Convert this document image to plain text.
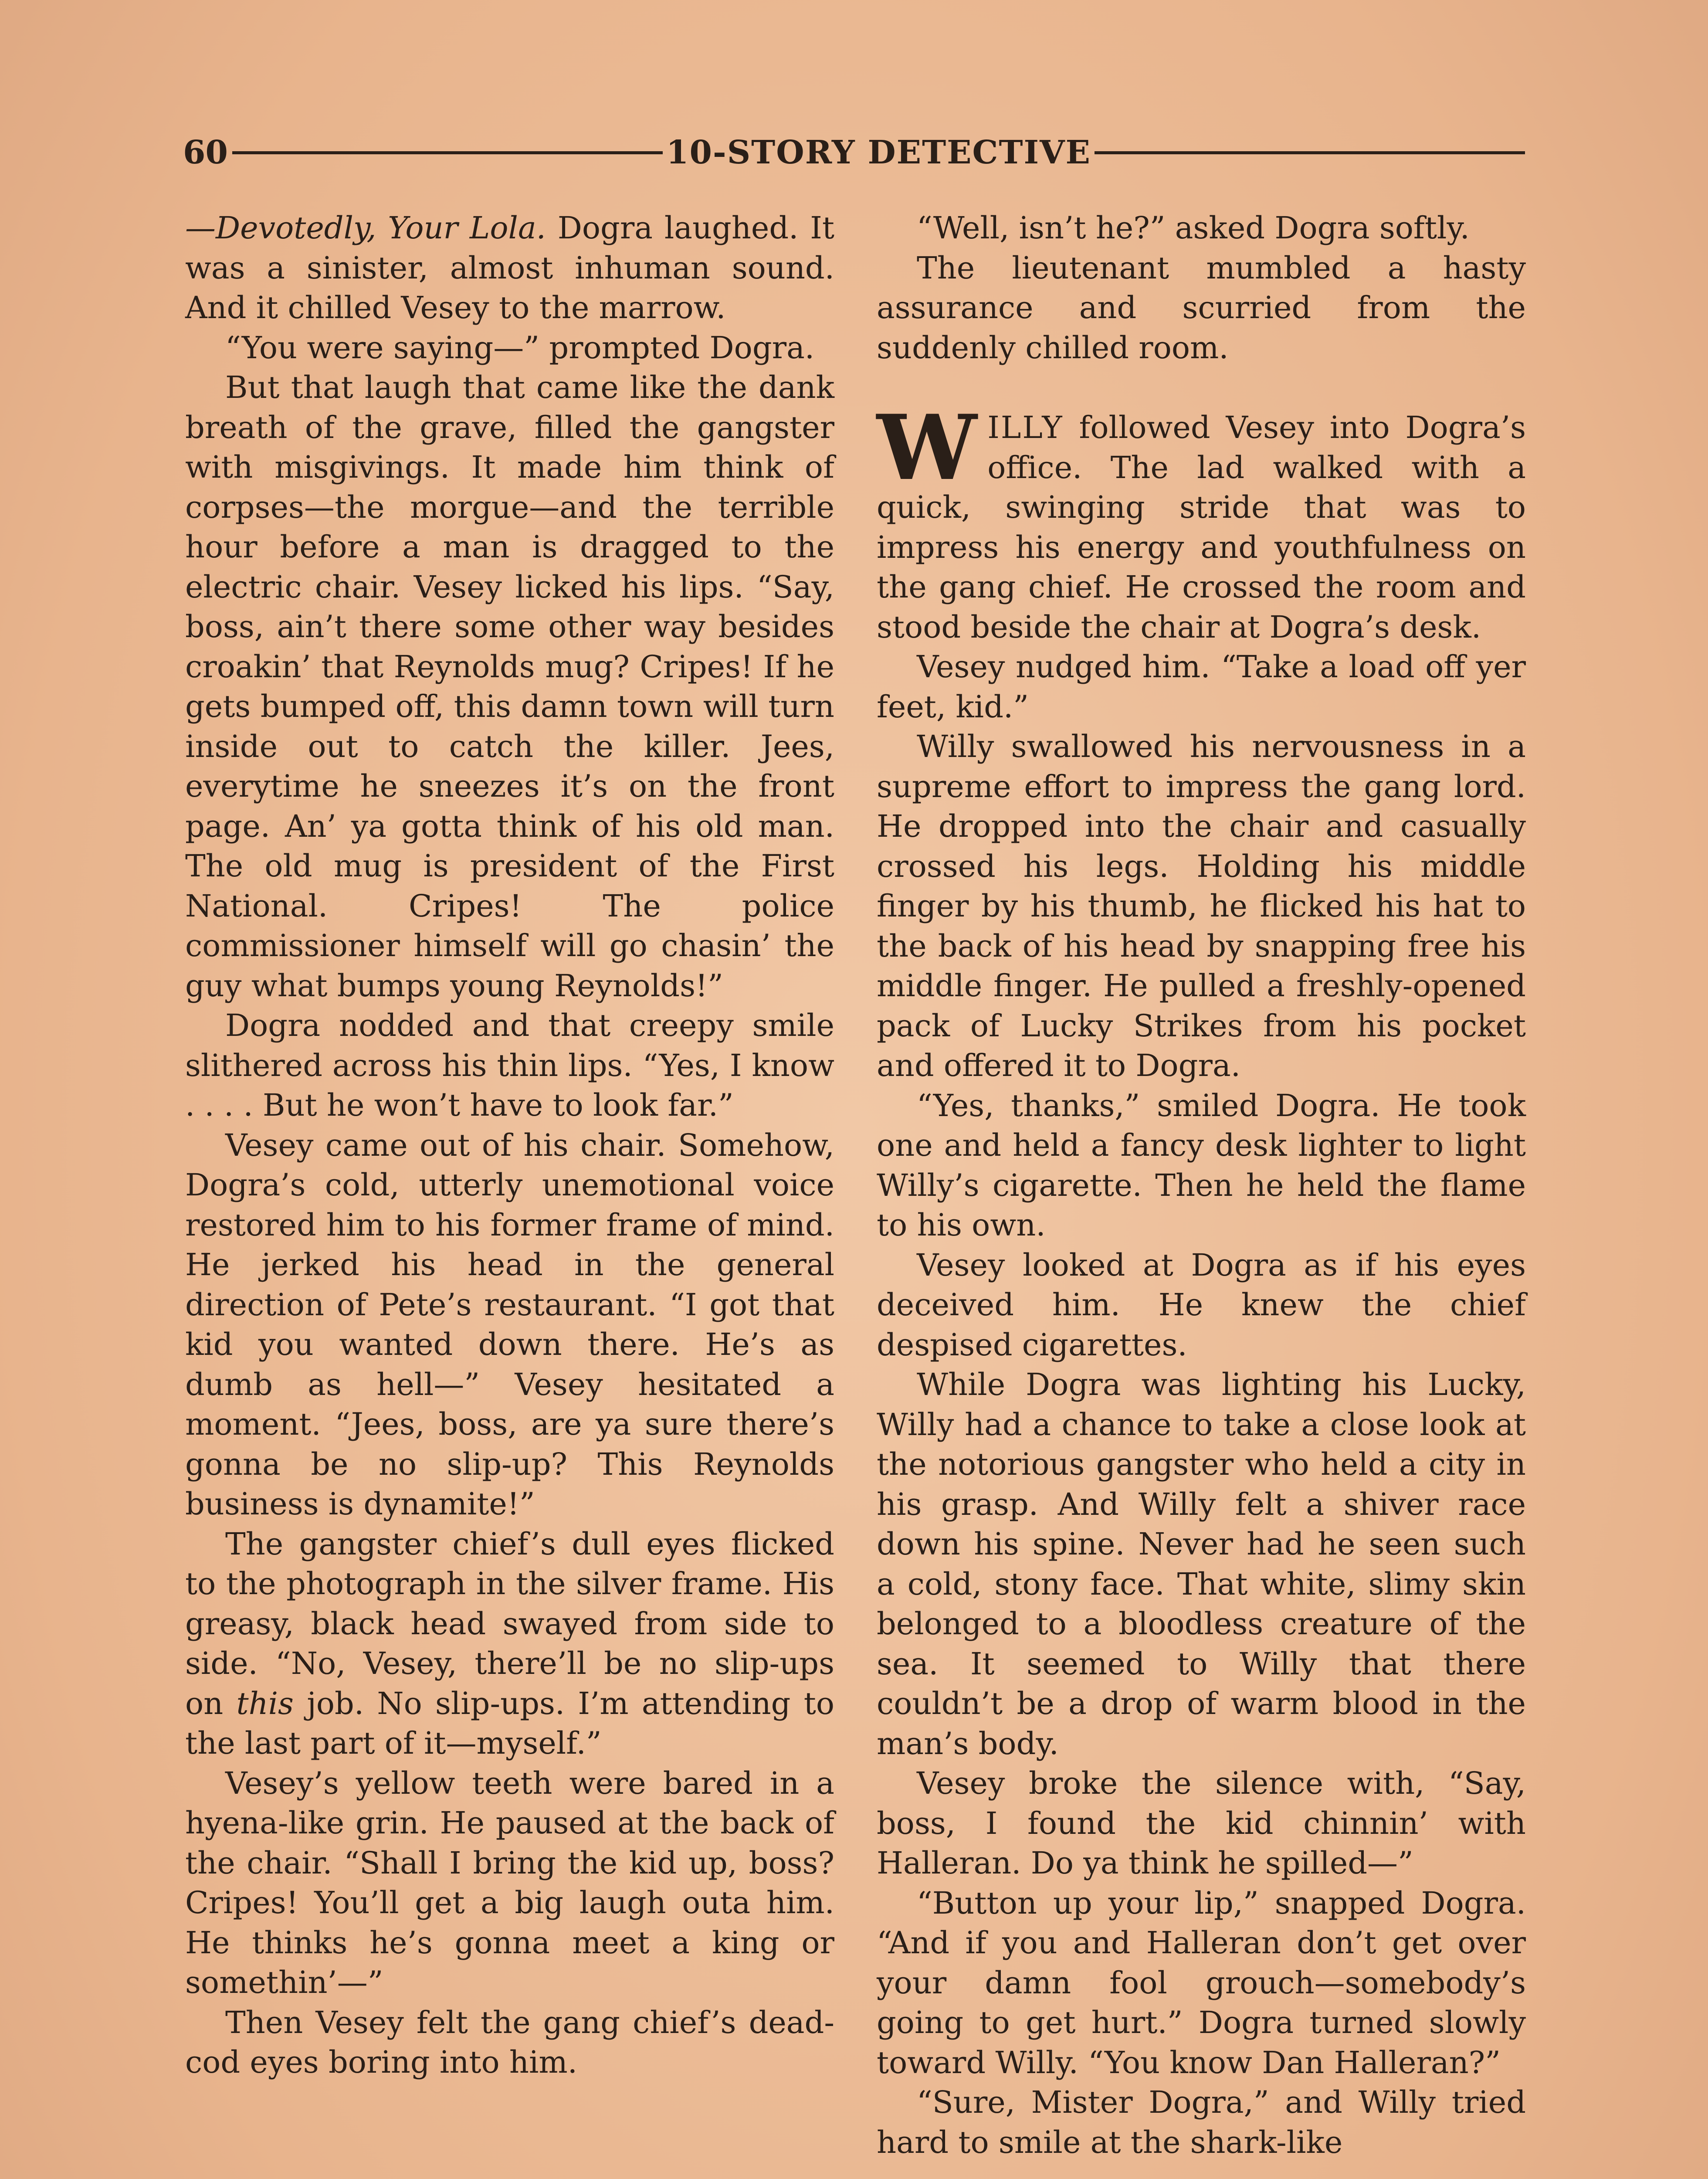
60	10-STORY DETECTIVE

—Devotedly, Your Lola. Dogra laughed. It was a sinister, almost inhuman sound. And it chilled Vesey to the marrow.

“You were saying—” prompted Dogra.

But that laugh that came like the dank breath of the grave, filled the gangster with misgivings. It made him think of corpses—the morgue—and the terrible hour before a man is dragged to the electric chair. Vesey licked his lips. “Say, boss, ain’t there some other way besides croakin’ that Reynolds mug? Cripes! If he gets bumped off, this damn town will turn inside out to catch the killer. Jees, everytime he sneezes it’s on the front page. An’ ya gotta think of his old man. The old mug is president of the First National. Cripes! The police commissioner himself will go chasin’ the guy what bumps young Reynolds!”

Dogra nodded and that creepy smile slithered across his thin lips. “Yes, I know . . . . But he won’t have to look far.”

Vesey came out of his chair. Somehow, Dogra’s cold, utterly unemotional voice restored him to his former frame of mind. He jerked his head in the general direction of Pete’s restaurant. “I got that kid you wanted down there. He’s as dumb as hell—” Vesey hesitated a moment. “Jees, boss, are ya sure there’s gonna be no slip-up? This Reynolds business is dynamite!”

The gangster chief’s dull eyes flicked to the photograph in the silver frame. His greasy, black head swayed from side to side. “No, Vesey, there’ll be no slip-ups on this job. No slip-ups. I’m attending to the last part of it—myself.”

Vesey’s yellow teeth were bared in a hyena-like grin. He paused at the back of the chair. “Shall I bring the kid up, boss? Cripes! You’ll get a big laugh outa him. He thinks he’s gonna meet a king or somethin’—”

Then Vesey felt the gang chief’s dead-cod eyes boring into him.

“Well, isn’t he?” asked Dogra softly.

The lieutenant mumbled a hasty assurance and scurried from the suddenly chilled room.

WILLY followed Vesey into Dogra’s office. The lad walked with a quick, swinging stride that was to impress his energy and youthfulness on the gang chief. He crossed the room and stood beside the chair at Dogra’s desk.

Vesey nudged him. “Take a load off yer feet, kid.”

Willy swallowed his nervousness in a supreme effort to impress the gang lord. He dropped into the chair and casually crossed his legs. Holding his middle finger by his thumb, he flicked his hat to the back of his head by snapping free his middle finger. He pulled a freshly-opened pack of Lucky Strikes from his pocket and offered it to Dogra.

“Yes, thanks,” smiled Dogra. He took one and held a fancy desk lighter to light Willy’s cigarette. Then he held the flame to his own.

Vesey looked at Dogra as if his eyes deceived him. He knew the chief despised cigarettes.

While Dogra was lighting his Lucky, Willy had a chance to take a close look at the notorious gangster who held a city in his grasp. And Willy felt a shiver race down his spine. Never had he seen such a cold, stony face. That white, slimy skin belonged to a bloodless creature of the sea. It seemed to Willy that there couldn’t be a drop of warm blood in the man’s body.

Vesey broke the silence with, “Say, boss, I found the kid chinnin’ with Halleran. Do ya think he spilled—”

“Button up your lip,” snapped Dogra. “And if you and Halleran don’t get over your damn fool grouch—somebody’s going to get hurt.” Dogra turned slowly toward Willy. “You know Dan Halleran?”

“Sure, Mister Dogra,” and Willy tried hard to smile at the shark-like
